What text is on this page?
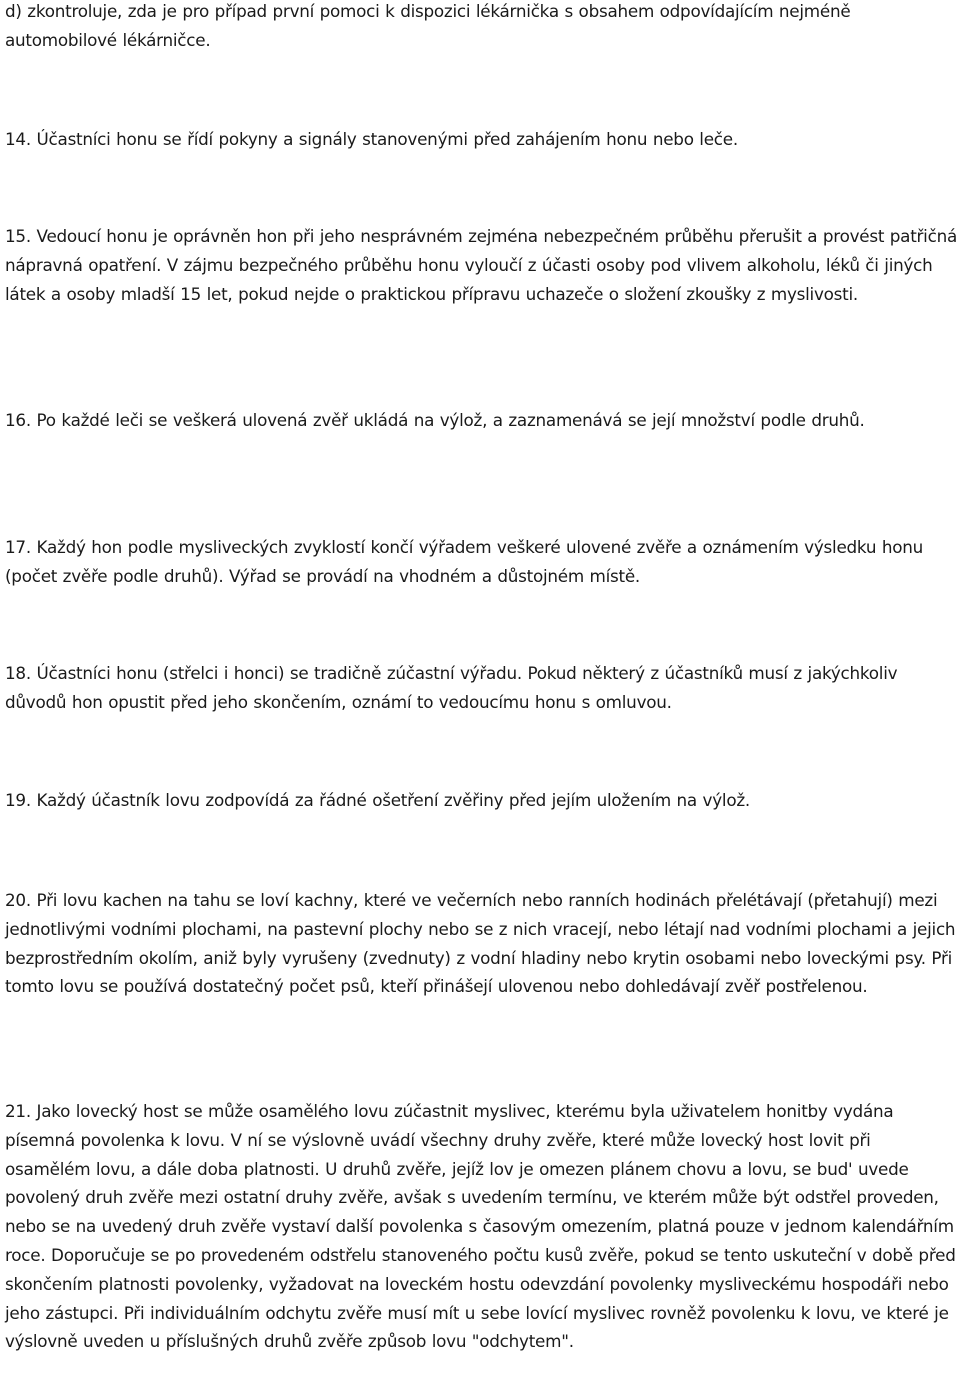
d) zkontroluje, zda je pro případ první pomoci k dispozici lékárnička s obsahem odpovídajícím nejméně automobilové lékárničce.

14. Účastníci honu se řídí pokyny a signály stanovenými před zahájením honu nebo leče.

15. Vedoucí honu je oprávněn hon při jeho nesprávném zejména nebezpečném průběhu přerušit a provést patřičná nápravná opatření. V zájmu bezpečného průběhu honu vyloučí z účasti osoby pod vlivem alkoholu, léků či jiných látek a osoby mladší 15 let, pokud nejde o praktickou přípravu uchazeče o složení zkoušky z myslivosti.

16. Po každé leči se veškerá ulovená zvěř ukládá na výlož, a zaznamenává se její množství podle druhů.

17. Každý hon podle mysliveckých zvyklostí končí výřadem veškeré ulovené zvěře a oznámením výsledku honu (počet zvěře podle druhů). Výřad se provádí na vhodném a důstojném místě.

18. Účastníci honu (střelci i honci) se tradičně zúčastní výřadu. Pokud některý z účastníků musí z jakýchkoliv důvodů hon opustit před jeho skončením, oznámí to vedoucímu honu s omluvou.

19. Každý účastník lovu zodpovídá za řádné ošetření zvěřiny před jejím uložením na výlož.

20. Při lovu kachen na tahu se loví kachny, které ve večerních nebo ranních hodinách přelétávají (přetahují) mezi jednotlivými vodními plochami, na pastevní plochy nebo se z nich vracejí, nebo létají nad vodními plochami a jejich bezprostředním okolím, aniž byly vyrušeny (zvednuty) z vodní hladiny nebo krytin osobami nebo loveckými psy. Při tomto lovu se používá dostatečný počet psů, kteří přinášejí ulovenou nebo dohledávají zvěř postřelenou.

21. Jako lovecký host se může osamělého lovu zúčastnit myslivec, kterému byla uživatelem honitby vydána písemná povolenka k lovu. V ní se výslovně uvádí všechny druhy zvěře, které může lovecký host lovit při osamělém lovu, a dále doba platnosti. U druhů zvěře, jejíž lov je omezen plánem chovu a lovu, se bud' uvede povolený druh zvěře mezi ostatní druhy zvěře, avšak s uvedením termínu, ve kterém může být odstřel proveden, nebo se na uvedený druh zvěře vystaví další povolenka s časovým omezením, platná pouze v jednom kalendářním roce. Doporučuje se po provedeném odstřelu stanoveného počtu kusů zvěře, pokud se tento uskuteční v době před skončením platnosti povolenky, vyžadovat na loveckém hostu odevzdání povolenky mysliveckému hospodáři nebo jeho zástupci. Při individuálním odchytu zvěře musí mít u sebe lovící myslivec rovněž povolenku k lovu, ve které je výslovně uveden u příslušných druhů zvěře způsob lovu "odchytem".
